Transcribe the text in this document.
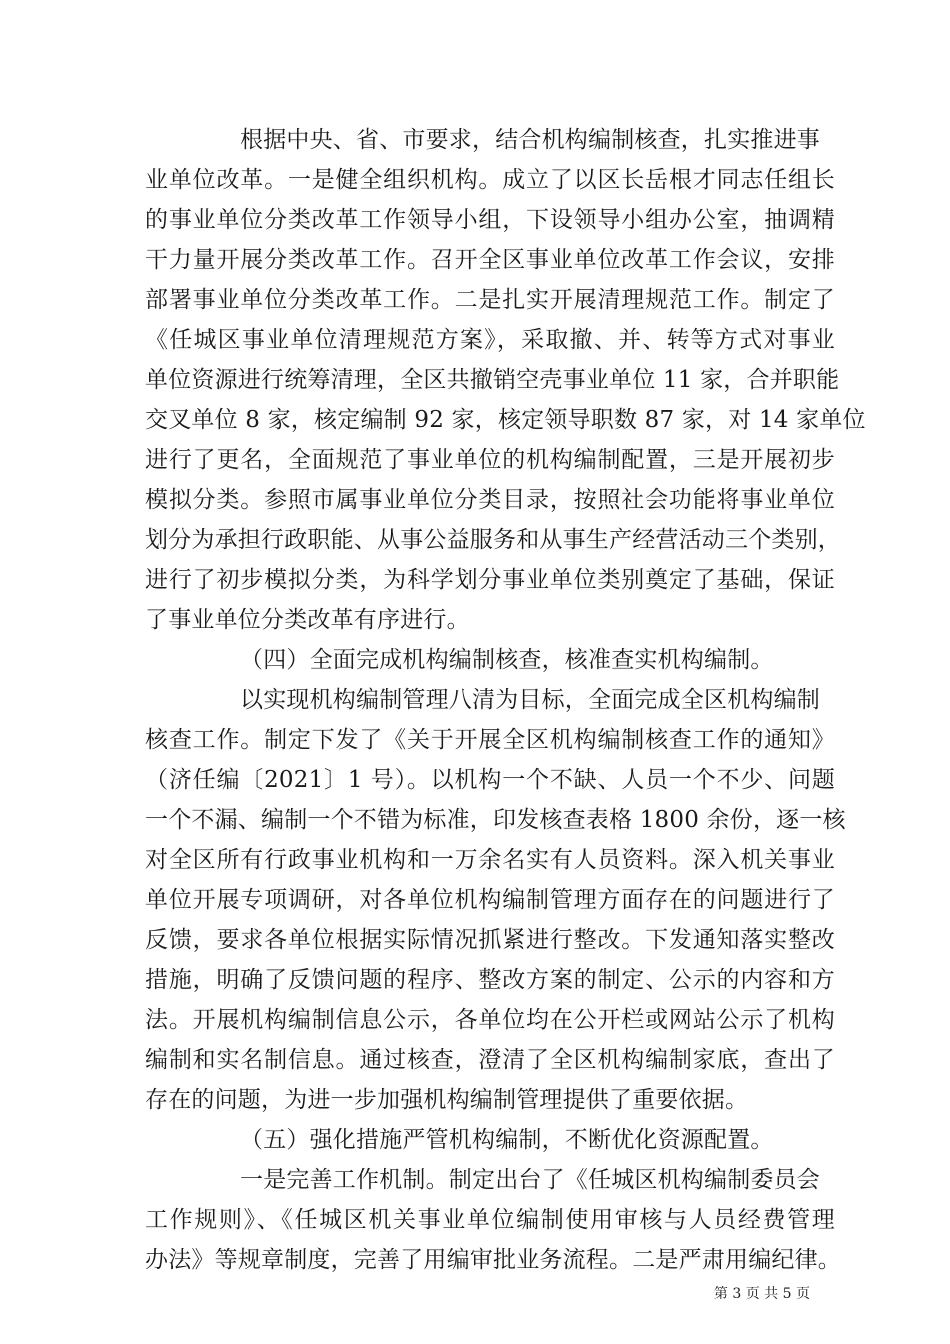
根据中央、省、市要求，结合机构编制核查，扎实推进事
业单位改革。一是健全组织机构。成立了以区长岳根才同志任组长
的事业单位分类改革工作领导小组，下设领导小组办公室，抽调精
干力量开展分类改革工作。召开全区事业单位改革工作会议，安排
部署事业单位分类改革工作。二是扎实开展清理规范工作。制定了
《任城区事业单位清理规范方案》，采取撤、并、转等方式对事业
单位资源进行统筹清理，全区共撤销空壳事业单位 11 家，合并职能
交叉单位 8 家，核定编制 92 家，核定领导职数 87 家，对 14 家单位
进行了更名，全面规范了事业单位的机构编制配置，三是开展初步
模拟分类。参照市属事业单位分类目录，按照社会功能将事业单位
划分为承担行政职能、从事公益服务和从事生产经营活动三个类别，
进行了初步模拟分类，为科学划分事业单位类别奠定了基础，保证
了事业单位分类改革有序进行。
（四）全面完成机构编制核查，核准查实机构编制。
以实现机构编制管理八清为目标，全面完成全区机构编制
核查工作。制定下发了《关于开展全区机构编制核查工作的通知》
（济任编〔2021〕1 号）。以机构一个不缺、人员一个不少、问题
一个不漏、编制一个不错为标准，印发核查表格 1800 余份，逐一核
对全区所有行政事业机构和一万余名实有人员资料。深入机关事业
单位开展专项调研，对各单位机构编制管理方面存在的问题进行了
反馈，要求各单位根据实际情况抓紧进行整改。下发通知落实整改
措施，明确了反馈问题的程序、整改方案的制定、公示的内容和方
法。开展机构编制信息公示，各单位均在公开栏或网站公示了机构
编制和实名制信息。通过核查，澄清了全区机构编制家底，查出了
存在的问题，为进一步加强机构编制管理提供了重要依据。
（五）强化措施严管机构编制，不断优化资源配置。
一是完善工作机制。制定出台了《任城区机构编制委员会
工作规则》、《任城区机关事业单位编制使用审核与人员经费管理
办法》等规章制度，完善了用编审批业务流程。二是严肃用编纪律。
第 3 页 共 5 页
